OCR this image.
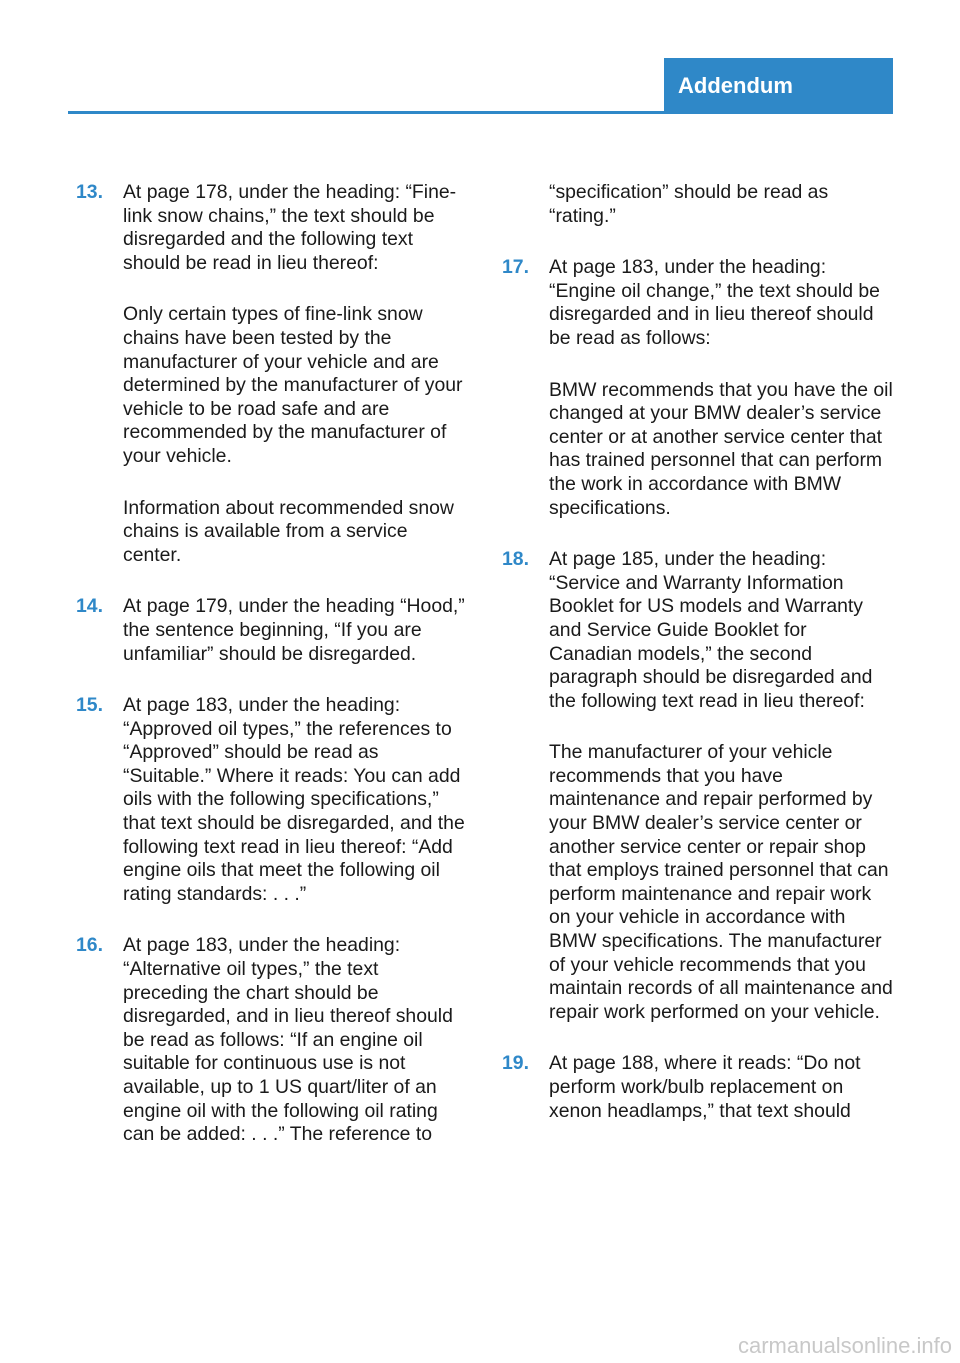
Addendum
13. At page 178, under the heading: “Fine-link snow chains,” the text should be disregarded and the following text should be read in lieu thereof:

Only certain types of fine-link snow chains have been tested by the manufacturer of your vehicle and are determined by the manufacturer of your vehicle to be road safe and are recommended by the manufacturer of your vehicle.

Information about recommended snow chains is available from a service center.

14. At page 179, under the heading “Hood,” the sentence beginning, “If you are unfamiliar” should be disregarded.

15. At page 183, under the heading: “Approved oil types,” the references to “Approved” should be read as “Suitable.” Where it reads: You can add oils with the following specifications,” that text should be disregarded, and the following text read in lieu thereof: “Add engine oils that meet the following oil rating standards: . . .”

16. At page 183, under the heading: “Alternative oil types,” the text preceding the chart should be disregarded, and in lieu thereof should be read as follows: “If an engine oil suitable for continuous use is not available, up to 1 US quart/liter of an engine oil with the following oil rating can be added: . . .” The reference to

“specification” should be read as “rating.”

17. At page 183, under the heading: “Engine oil change,” the text should be disregarded and in lieu thereof should be read as follows:

BMW recommends that you have the oil changed at your BMW dealer’s service center or at another service center that has trained personnel that can perform the work in accordance with BMW specifications.

18. At page 185, under the heading: “Service and Warranty Information Booklet for US models and Warranty and Service Guide Booklet for Canadian models,” the second paragraph should be disregarded and the following text read in lieu thereof:

The manufacturer of your vehicle recommends that you have maintenance and repair performed by your BMW dealer’s service center or another service center or repair shop that employs trained personnel that can perform maintenance and repair work on your vehicle in accordance with BMW specifications. The manufacturer of your vehicle recommends that you maintain records of all maintenance and repair work performed on your vehicle.

19. At page 188, where it reads: “Do not perform work/bulb replacement on xenon headlamps,” that text should

carmanualsonline.info
